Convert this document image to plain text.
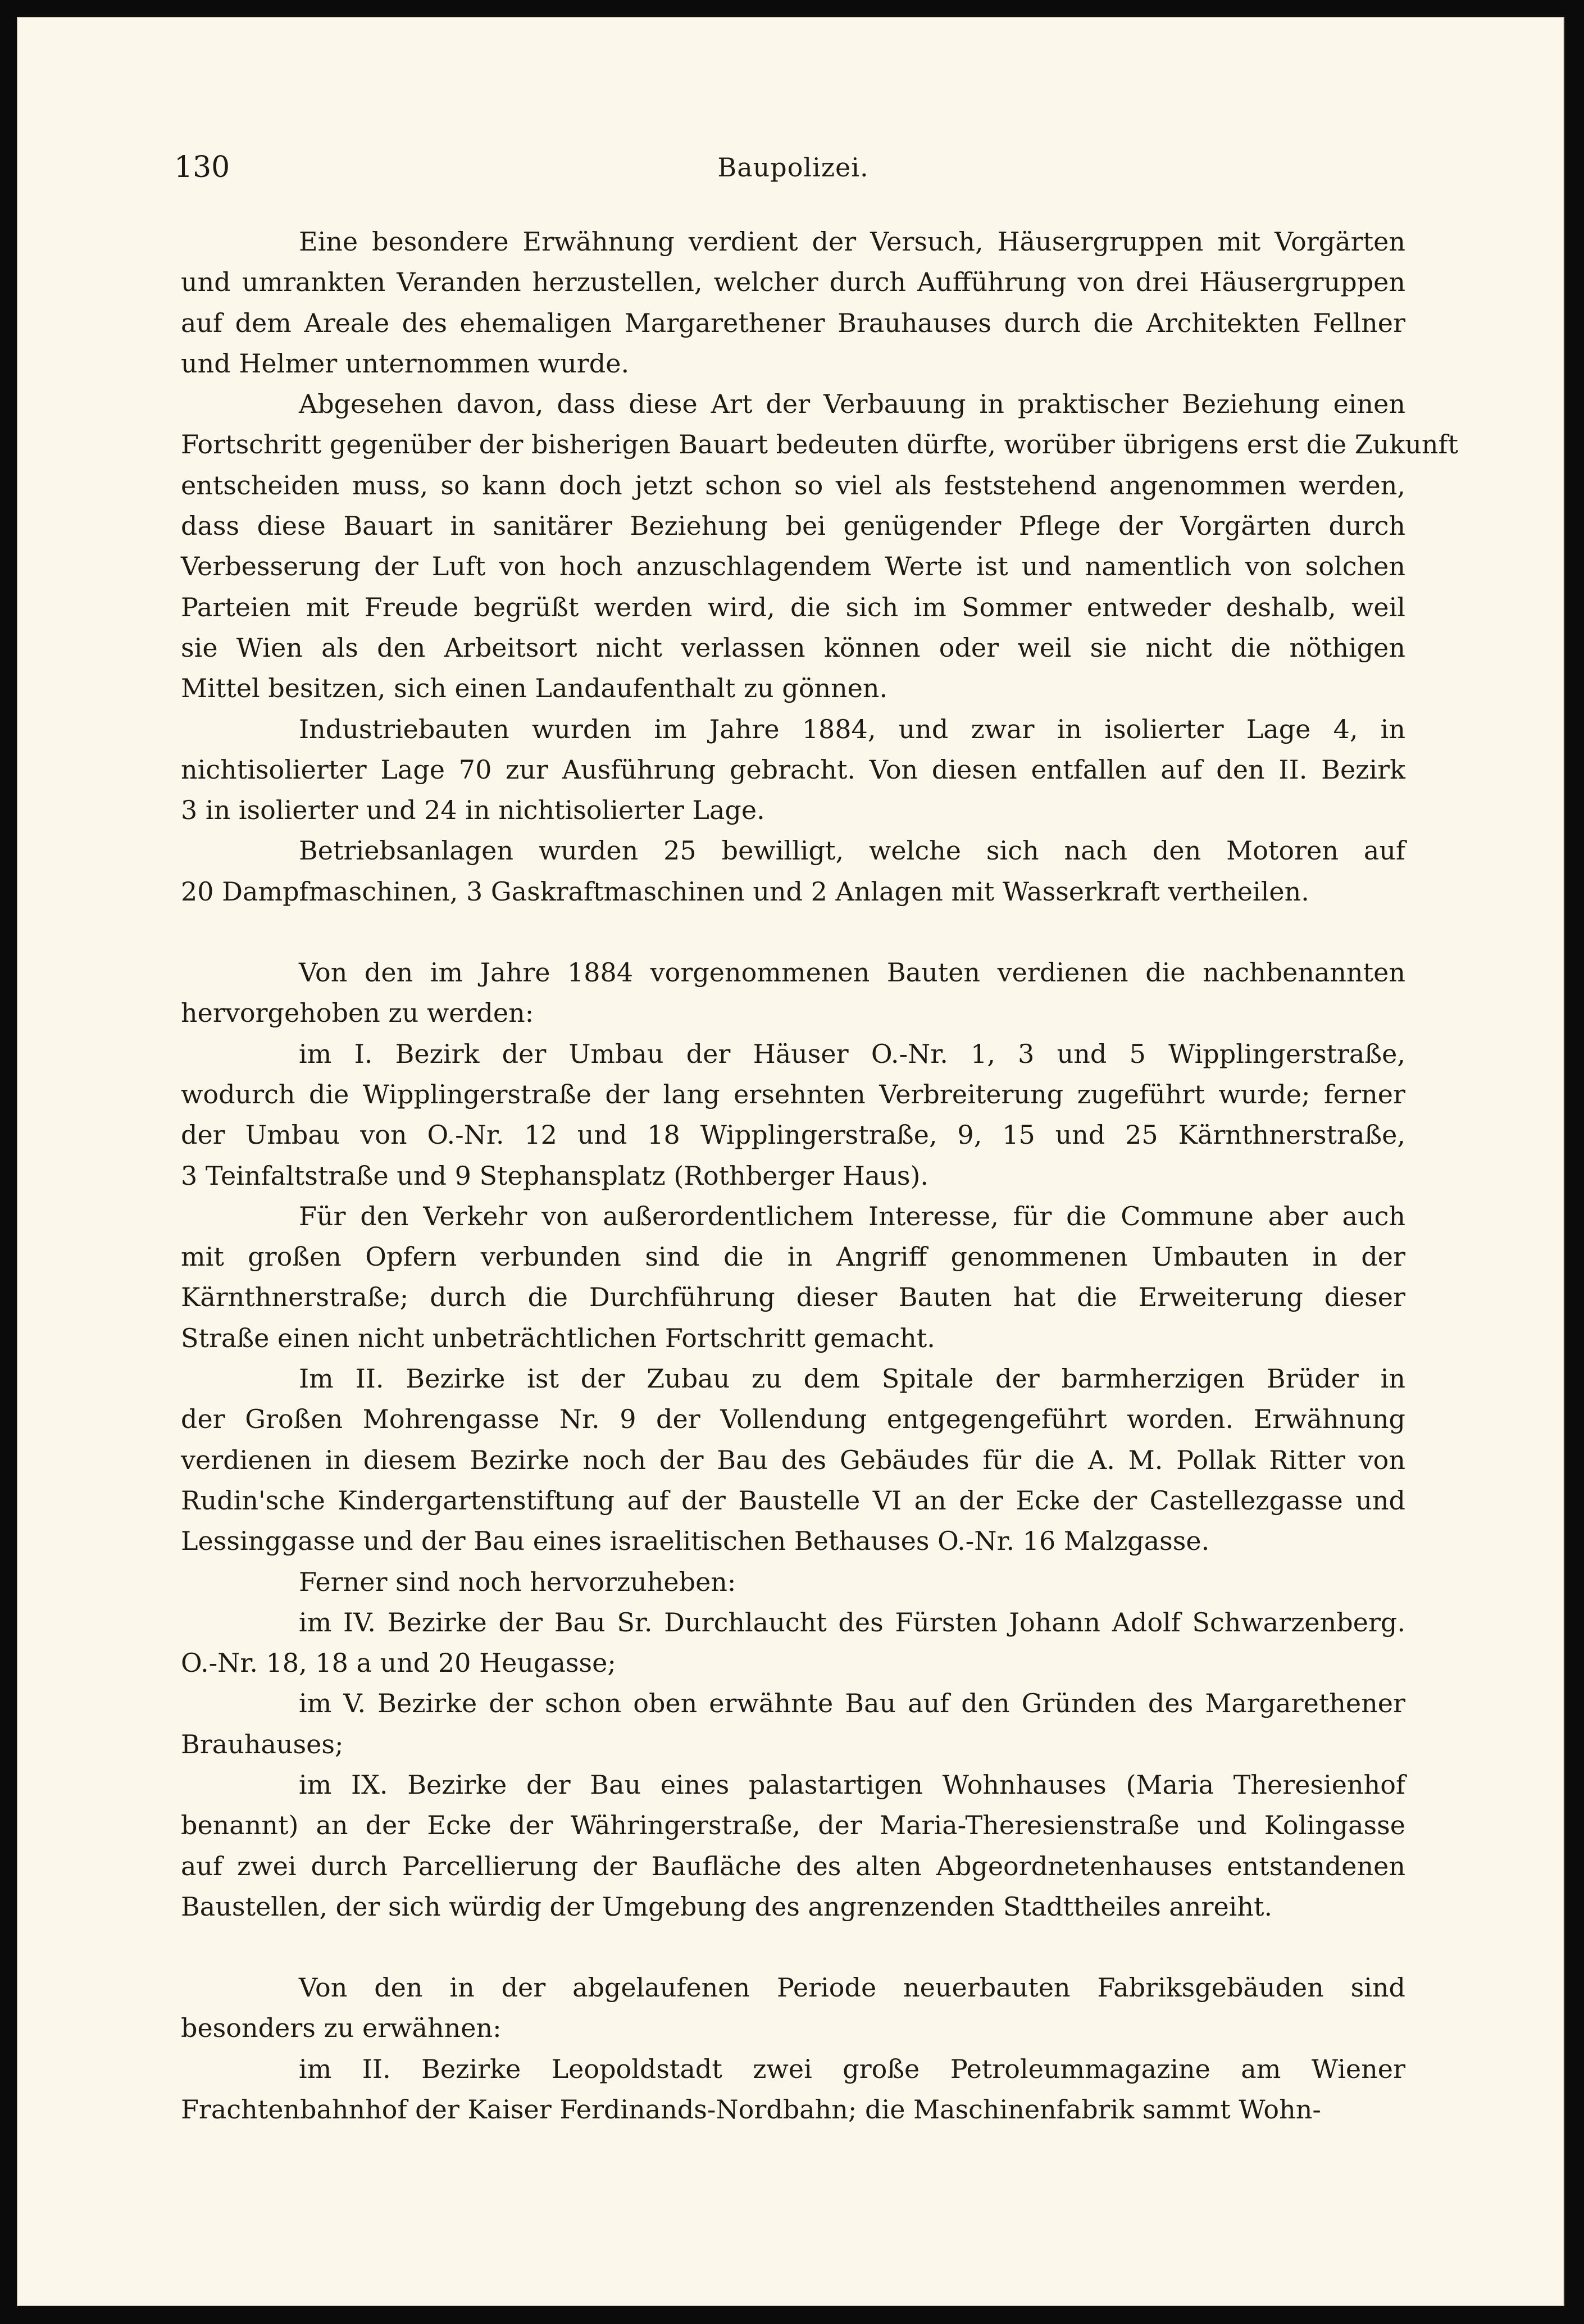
130	Baupolizei.
Eine besondere Erwähnung verdient der Versuch, Häusergruppen mit Vorgärten
und umrankten Veranden herzustellen, welcher durch Aufführung von drei Häusergruppen
auf dem Areale des ehemaligen Margarethener Brauhauses durch die Architekten Fellner
und Helmer unternommen wurde.
Abgesehen davon, dass diese Art der Verbauung in praktischer Beziehung einen
Fortschritt gegenüber der bisherigen Bauart bedeuten dürfte, worüber übrigens erst die Zukunft
entscheiden muss, so kann doch jetzt schon so viel als feststehend angenommen werden,
dass diese Bauart in sanitärer Beziehung bei genügender Pflege der Vorgärten durch
Verbesserung der Luft von hoch anzuschlagendem Werte ist und namentlich von solchen
Parteien mit Freude begrüßt werden wird, die sich im Sommer entweder deshalb, weil
sie Wien als den Arbeitsort nicht verlassen können oder weil sie nicht die nöthigen
Mittel besitzen, sich einen Landaufenthalt zu gönnen.
Industriebauten wurden im Jahre 1884, und zwar in isolierter Lage 4, in
nichtisolierter Lage 70 zur Ausführung gebracht. Von diesen entfallen auf den II. Bezirk
3 in isolierter und 24 in nichtisolierter Lage.
Betriebsanlagen wurden 25 bewilligt, welche sich nach den Motoren auf
20 Dampfmaschinen, 3 Gaskraftmaschinen und 2 Anlagen mit Wasserkraft vertheilen.
Von den im Jahre 1884 vorgenommenen Bauten verdienen die nachbenannten
hervorgehoben zu werden:
im I. Bezirk der Umbau der Häuser O.-Nr. 1, 3 und 5 Wipplingerstraße,
wodurch die Wipplingerstraße der lang ersehnten Verbreiterung zugeführt wurde; ferner
der Umbau von O.-Nr. 12 und 18 Wipplingerstraße, 9, 15 und 25 Kärnthnerstraße,
3 Teinfaltstraße und 9 Stephansplatz (Rothberger Haus).
Für den Verkehr von außerordentlichem Interesse, für die Commune aber auch
mit großen Opfern verbunden sind die in Angriff genommenen Umbauten in der
Kärnthnerstraße; durch die Durchführung dieser Bauten hat die Erweiterung dieser
Straße einen nicht unbeträchtlichen Fortschritt gemacht.
Im II. Bezirke ist der Zubau zu dem Spitale der barmherzigen Brüder in
der Großen Mohrengasse Nr. 9 der Vollendung entgegengeführt worden. Erwähnung
verdienen in diesem Bezirke noch der Bau des Gebäudes für die A. M. Pollak Ritter von
Rudin'sche Kindergartenstiftung auf der Baustelle VI an der Ecke der Castellezgasse und
Lessinggasse und der Bau eines israelitischen Bethauses O.-Nr. 16 Malzgasse.
Ferner sind noch hervorzuheben:
im IV. Bezirke der Bau Sr. Durchlaucht des Fürsten Johann Adolf Schwarzenberg.
O.-Nr. 18, 18 a und 20 Heugasse;
im V. Bezirke der schon oben erwähnte Bau auf den Gründen des Margarethener
Brauhauses;
im IX. Bezirke der Bau eines palastartigen Wohnhauses (Maria Theresienhof
benannt) an der Ecke der Währingerstraße, der Maria-Theresienstraße und Kolingasse
auf zwei durch Parcellierung der Baufläche des alten Abgeordnetenhauses entstandenen
Baustellen, der sich würdig der Umgebung des angrenzenden Stadttheiles anreiht.
Von den in der abgelaufenen Periode neuerbauten Fabriksgebäuden sind
besonders zu erwähnen:
im II. Bezirke Leopoldstadt zwei große Petroleummagazine am Wiener
Frachtenbahnhof der Kaiser Ferdinands-Nordbahn; die Maschinenfabrik sammt Wohn-
